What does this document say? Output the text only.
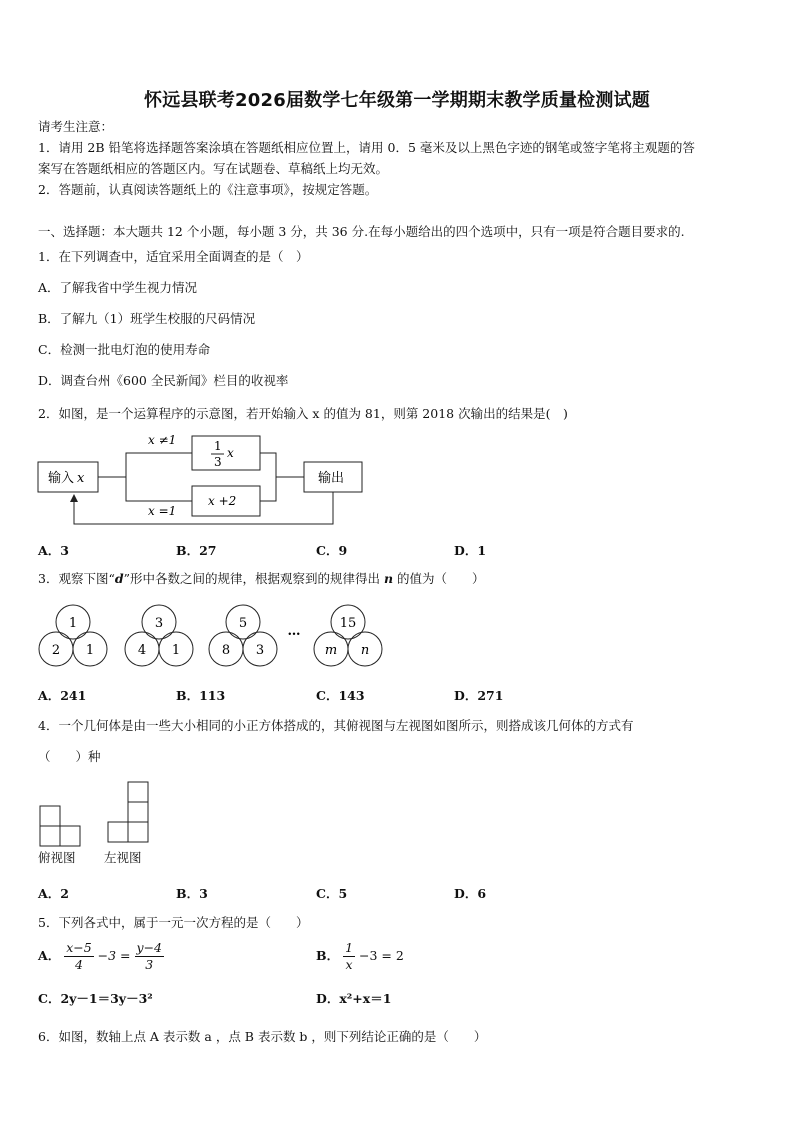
怀远县联考2026届数学七年级第一学期期末教学质量检测试题
请考生注意：
1．请用 2B 铅笔将选择题答案涂填在答题纸相应位置上，请用 0．5 毫米及以上黑色字迹的钢笔或签字笔将主观题的答
案写在答题纸相应的答题区内。写在试题卷、草稿纸上均无效。
2．答题前，认真阅读答题纸上的《注意事项》，按规定答题。
一、选择题：本大题共 12 个小题，每小题 3 分，共 36 分.在每小题给出的四个选项中，只有一项是符合题目要求的.
1．在下列调查中，适宜采用全面调查的是（　）
A．了解我省中学生视力情况
B．了解九（1）班学生校服的尺码情况
C．检测一批电灯泡的使用寿命
D．调查台州《600 全民新闻》栏目的收视率
2．如图，是一个运算程序的示意图，若开始输入 x 的值为 81，则第 2018 次输出的结果是(　)
输入 x	输出
x ≠1
x =1
1
3
x
x +2
A．3	B．27	C．9	D．1
3．观察下图“d”形中各数之间的规律，根据观察到的规律得出 n 的值为（　　）
1
2 1
3
4 1
5
8 3
…
15
m n
A．241	B．113	C．143	D．271
4．一个几何体是由一些大小相同的小正方体搭成的，其俯视图与左视图如图所示，则搭成该几何体的方式有
（　　）种
俯视图 左视图
A．2	B．3	C．5	D．6
5．下列各式中，属于一元一次方程的是（　　）
A． $\frac{x-5}{4} -3 = \frac{y-4}{3}$	B． $\frac{1}{x} -3 = 2$
C．2y－1＝3y－3²	D．x²+x＝1
6．如图，数轴上点 A 表示数 a ，点 B 表示数 b ，则下列结论正确的是（　　）
